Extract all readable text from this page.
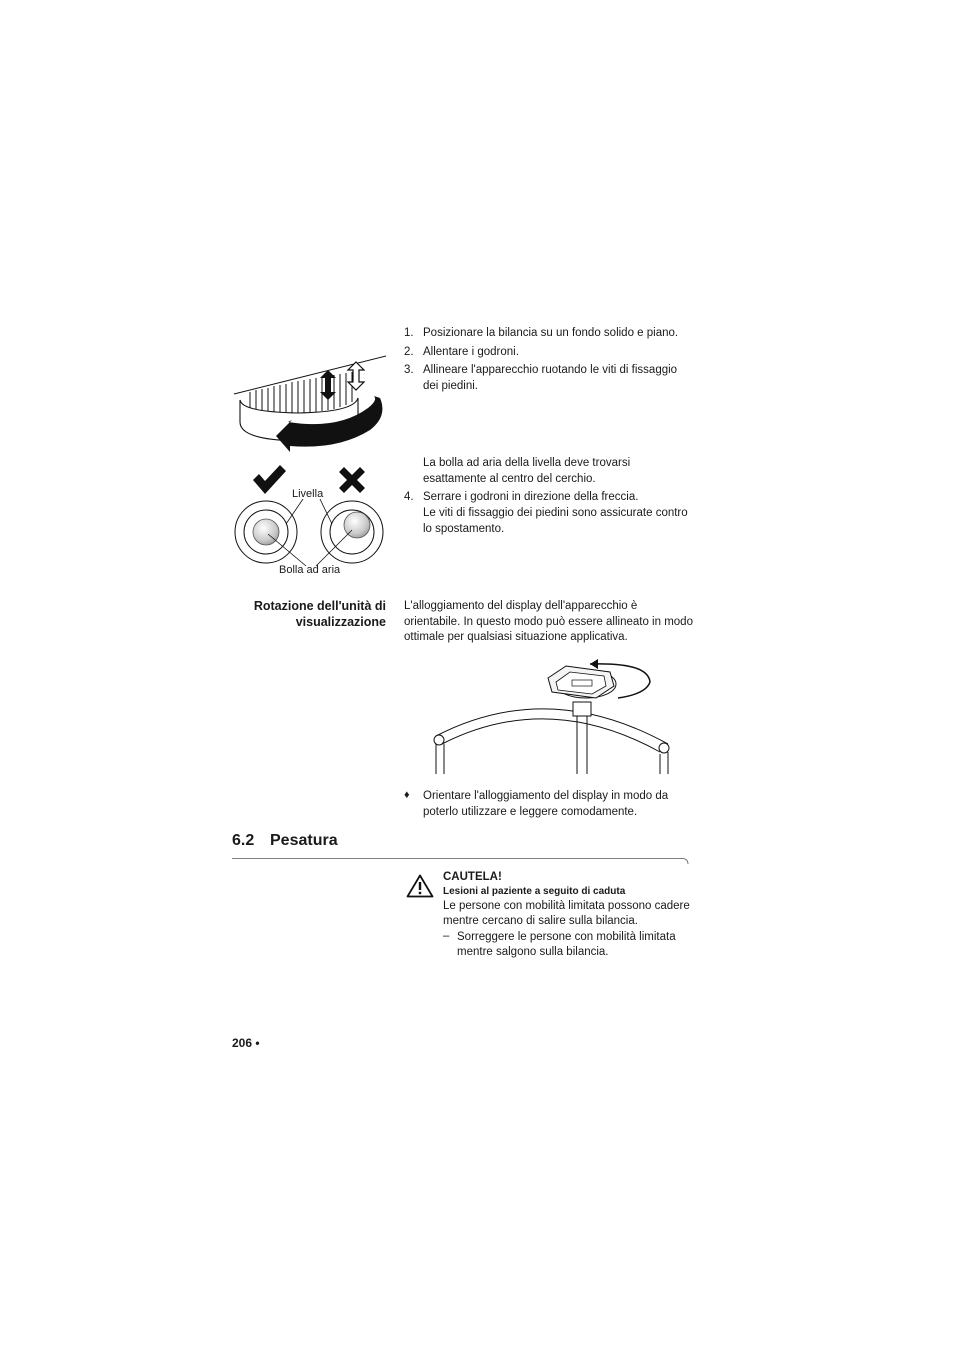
Livella
Bolla ad aria
1. Posizionare la bilancia su un fondo solido e piano.
2. Allentare i godroni.
3. Allineare l'apparecchio ruotando le viti di fissaggio dei piedini.
La bolla ad aria della livella deve trovarsi esattamente al centro del cerchio.
4. Serrare i godroni in direzione della freccia.
Le viti di fissaggio dei piedini sono assicurate contro lo spostamento.
Rotazione dell'unità di visualizzazione
L'alloggiamento del display dell'apparecchio è orientabile. In questo modo può essere allineato in modo ottimale per qualsiasi situazione applicativa.
♦ Orientare l'alloggiamento del display in modo da poterlo utilizzare e leggere comodamente.
6.2 Pesatura
CAUTELA!
Lesioni al paziente a seguito di caduta
Le persone con mobilità limitata possono cadere mentre cercano di salire sulla bilancia.
– Sorreggere le persone con mobilità limitata mentre salgono sulla bilancia.
206 •
